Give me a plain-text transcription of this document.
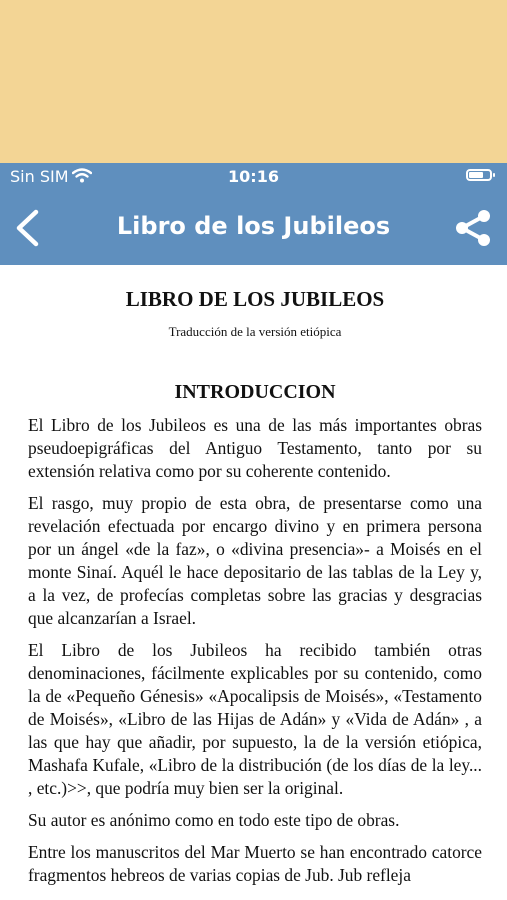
Sin SIM	10:16
Libro de los Jubileos
LIBRO DE LOS JUBILEOS
Traducción de la versión etiópica
INTRODUCCION

El Libro de los Jubileos es una de las más importantes obras pseudoepigráficas del Antiguo Testamento, tanto por su extensión relativa como por su coherente contenido.

El rasgo, muy propio de esta obra, de presentarse como una revelación efectuada por encargo divino y en primera persona por un ángel «de la faz», o «divina presencia»- a Moisés en el monte Sinaí. Aquél le hace depositario de las tablas de la Ley y, a la vez, de profecías completas sobre las gracias y desgracias que alcanzarían a Israel.

El Libro de los Jubileos ha recibido también otras denominaciones, fácilmente explicables por su contenido, como la de «Pequeño Génesis» «Apocalipsis de Moisés», «Testamento de Moisés», «Libro de las Hijas de Adán» y «Vida de Adán» , a las que hay que añadir, por supuesto, la de la versión etiópica, Mashafa Kufale, «Libro de la distribución (de los días de la ley... , etc.)>>, que podría muy bien ser la original.

Su autor es anónimo como en todo este tipo de obras.

Entre los manuscritos del Mar Muerto se han encontrado catorce fragmentos hebreos de varias copias de Jub. Jub refleja
